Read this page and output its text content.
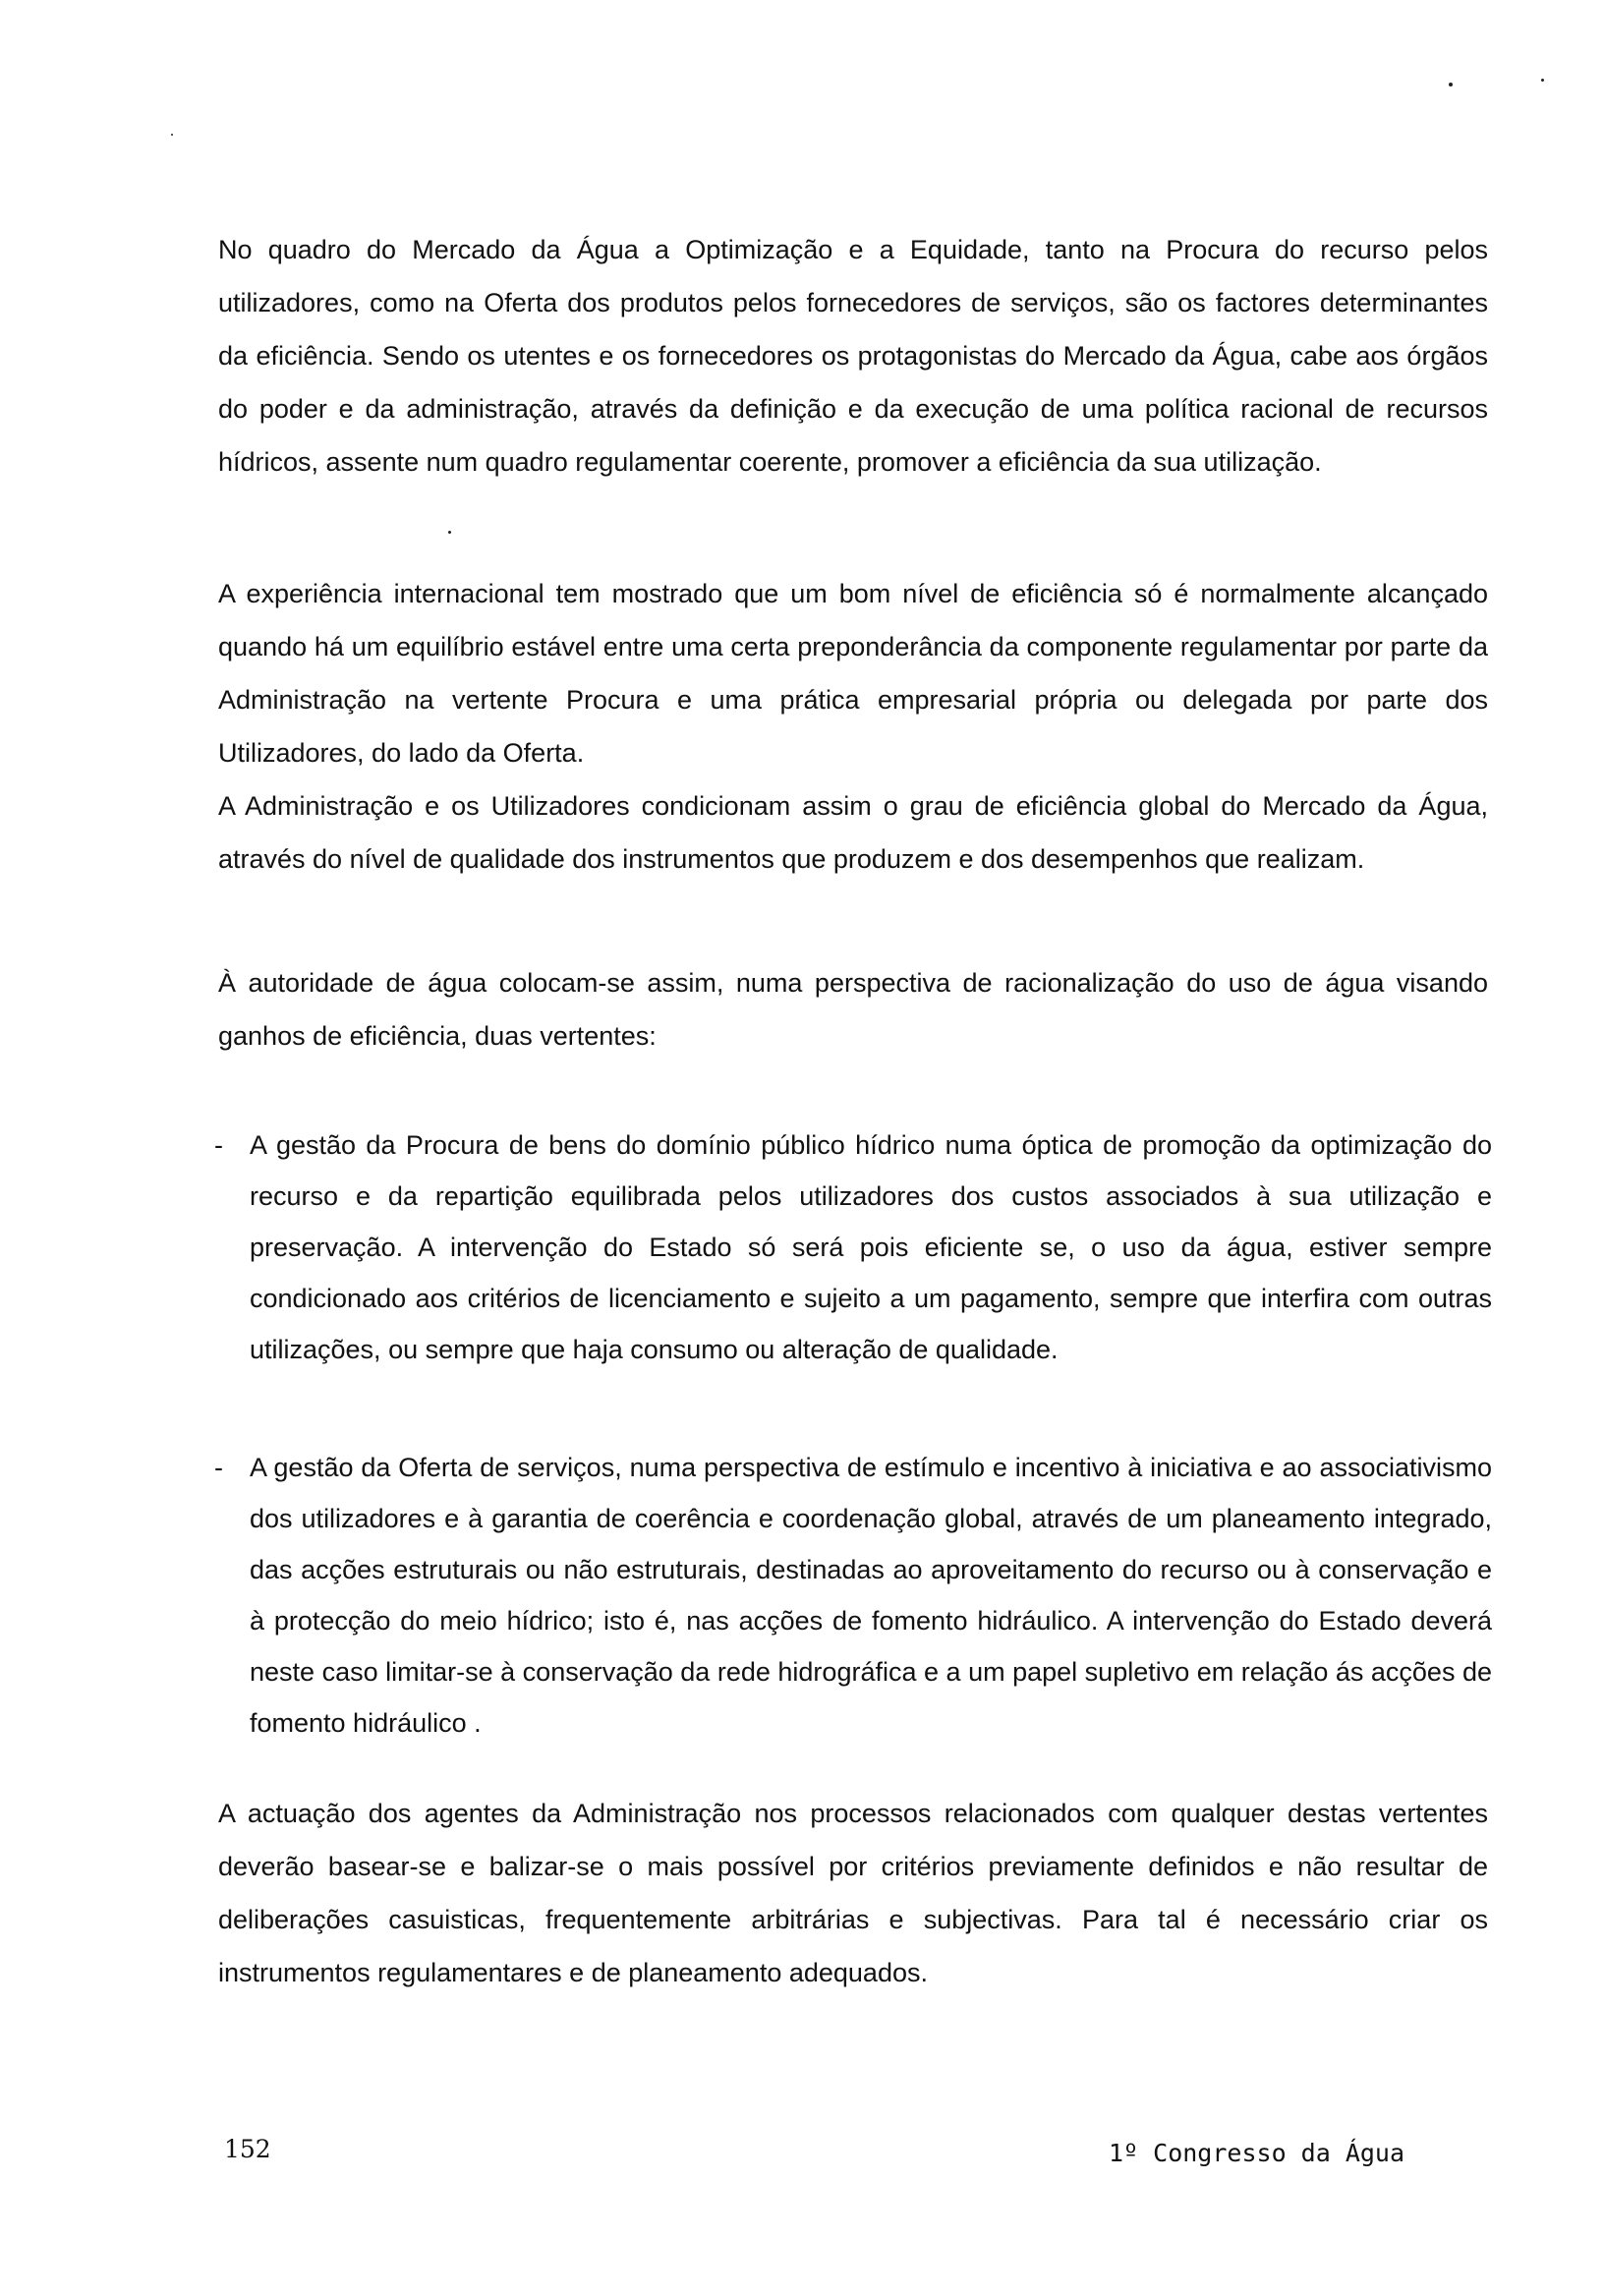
No quadro do Mercado da Água a Optimização e a Equidade, tanto na Procura do recurso pelos utilizadores, como na Oferta dos produtos pelos fornecedores de serviços, são os factores determinantes da eficiência. Sendo os utentes e os fornecedores os protagonistas do Mercado da Água, cabe aos órgãos do poder e da administração, através da definição e da execução de uma política racional de recursos hídricos, assente num quadro regulamentar coerente, promover a eficiência da sua utilização.

A experiência internacional tem mostrado que um bom nível de eficiência só é normalmente alcançado quando há um equilíbrio estável entre uma certa preponderância da componente regulamentar por parte da Administração na vertente Procura e uma prática empresarial própria ou delegada por parte dos Utilizadores, do lado da Oferta.

A Administração e os Utilizadores condicionam assim o grau de eficiência global do Mercado da Água, através do nível de qualidade dos instrumentos que produzem e dos desempenhos que realizam.

À autoridade de água colocam-se assim, numa perspectiva de racionalização do uso de água visando ganhos de eficiência, duas vertentes:

-	A gestão da Procura de bens do domínio público hídrico numa óptica de promoção da optimização do recurso e da repartição equilibrada pelos utilizadores dos custos associados à sua utilização e preservação. A intervenção do Estado só será pois eficiente se, o uso da água, estiver sempre condicionado aos critérios de licenciamento e sujeito a um pagamento, sempre que interfira com outras utilizações, ou sempre que haja consumo ou alteração de qualidade.

-	A gestão da Oferta de serviços, numa perspectiva de estímulo e incentivo à iniciativa e ao associativismo dos utilizadores e à garantia de coerência e coordenação global, através de um planeamento integrado, das acções estruturais ou não estruturais, destinadas ao aproveitamento do recurso ou à conservação e à protecção do meio hídrico; isto é, nas acções de fomento hidráulico. A intervenção do Estado deverá neste caso limitar-se à conservação da rede hidrográfica e a um papel supletivo em relação ás acções de fomento hidráulico .

A actuação dos agentes da Administração nos processos relacionados com qualquer destas vertentes deverão basear-se e balizar-se o mais possível por critérios previamente definidos e não resultar de deliberações casuisticas, frequentemente arbitrárias e subjectivas. Para tal é necessário criar os instrumentos regulamentares e de planeamento adequados.

152	1º Congresso da Água
